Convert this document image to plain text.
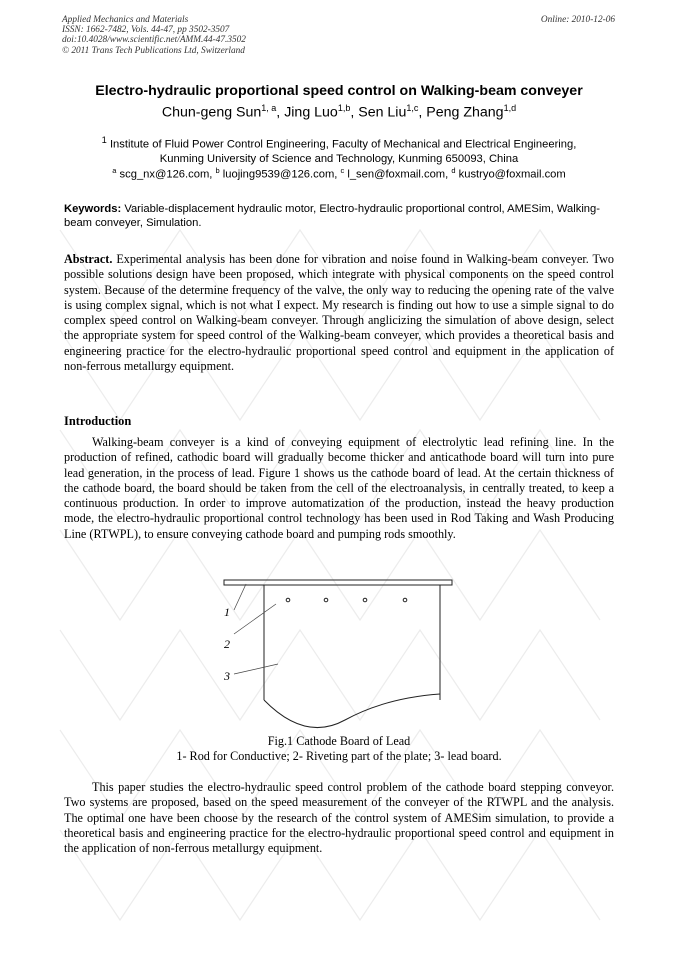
Applied Mechanics and Materials
ISSN: 1662-7482, Vols. 44-47, pp 3502-3507
doi:10.4028/www.scientific.net/AMM.44-47.3502
© 2011 Trans Tech Publications Ltd, Switzerland
Online: 2010-12-06
Electro-hydraulic proportional speed control on Walking-beam conveyer
Chun-geng Sun$^{1, a}$, Jing Luo$^{1,b}$, Sen Liu$^{1,c}$, Peng Zhang$^{1,d}$
$^1$ Institute of Fluid Power Control Engineering, Faculty of Mechanical and Electrical Engineering,
Kunming University of Science and Technology, Kunming 650093, China
$^a$ scg_nx@126.com, $^b$ luojing9539@126.com, $^c$ l_sen@foxmail.com, $^d$ kustryo@foxmail.com
Keywords: Variable-displacement hydraulic motor, Electro-hydraulic proportional control, AMESim, Walking-beam conveyer, Simulation.
Abstract. Experimental analysis has been done for vibration and noise found in Walking-beam conveyer. Two possible solutions design have been proposed, which integrate with physical components on the speed control system. Because of the determine frequency of the valve, the only way to reducing the opening rate of the valve is using complex signal, which is not what I expect. My research is finding out how to use a simple signal to do complex speed control on Walking-beam conveyer. Through anglicizing the simulation of above design, select the appropriate system for speed control of the Walking-beam conveyer, which provides a theoretical basis and engineering practice for the electro-hydraulic proportional speed control and equipment in the application of non-ferrous metallurgy equipment.
Introduction
Walking-beam conveyer is a kind of conveying equipment of electrolytic lead refining line. In the production of refined, cathodic board will gradually become thicker and anticathode board will turn into pure lead generation, in the process of lead. Figure 1 shows us the cathode board of lead. At the certain thickness of the cathode board, the board should be taken from the cell of the electroanalysis, in centrally treated, to keep a continuous production. In order to improve automatization of the production, instead the heavy production mode, the electro-hydraulic proportional control technology has been used in Rod Taking and Wash Producing Line (RTWPL), to ensure conveying cathode board and pumping rods smoothly.
1
2
3
Fig.1 Cathode Board of Lead
1- Rod for Conductive; 2- Riveting part of the plate; 3- lead board.
This paper studies the electro-hydraulic speed control problem of the cathode board stepping conveyor. Two systems are proposed, based on the speed measurement of the conveyer of the RTWPL and the analysis. The optimal one have been choose by the research of the control system of AMESim simulation, to provide a theoretical basis and engineering practice for the electro-hydraulic proportional speed control and equipment in the application of non-ferrous metallurgy equipment.
